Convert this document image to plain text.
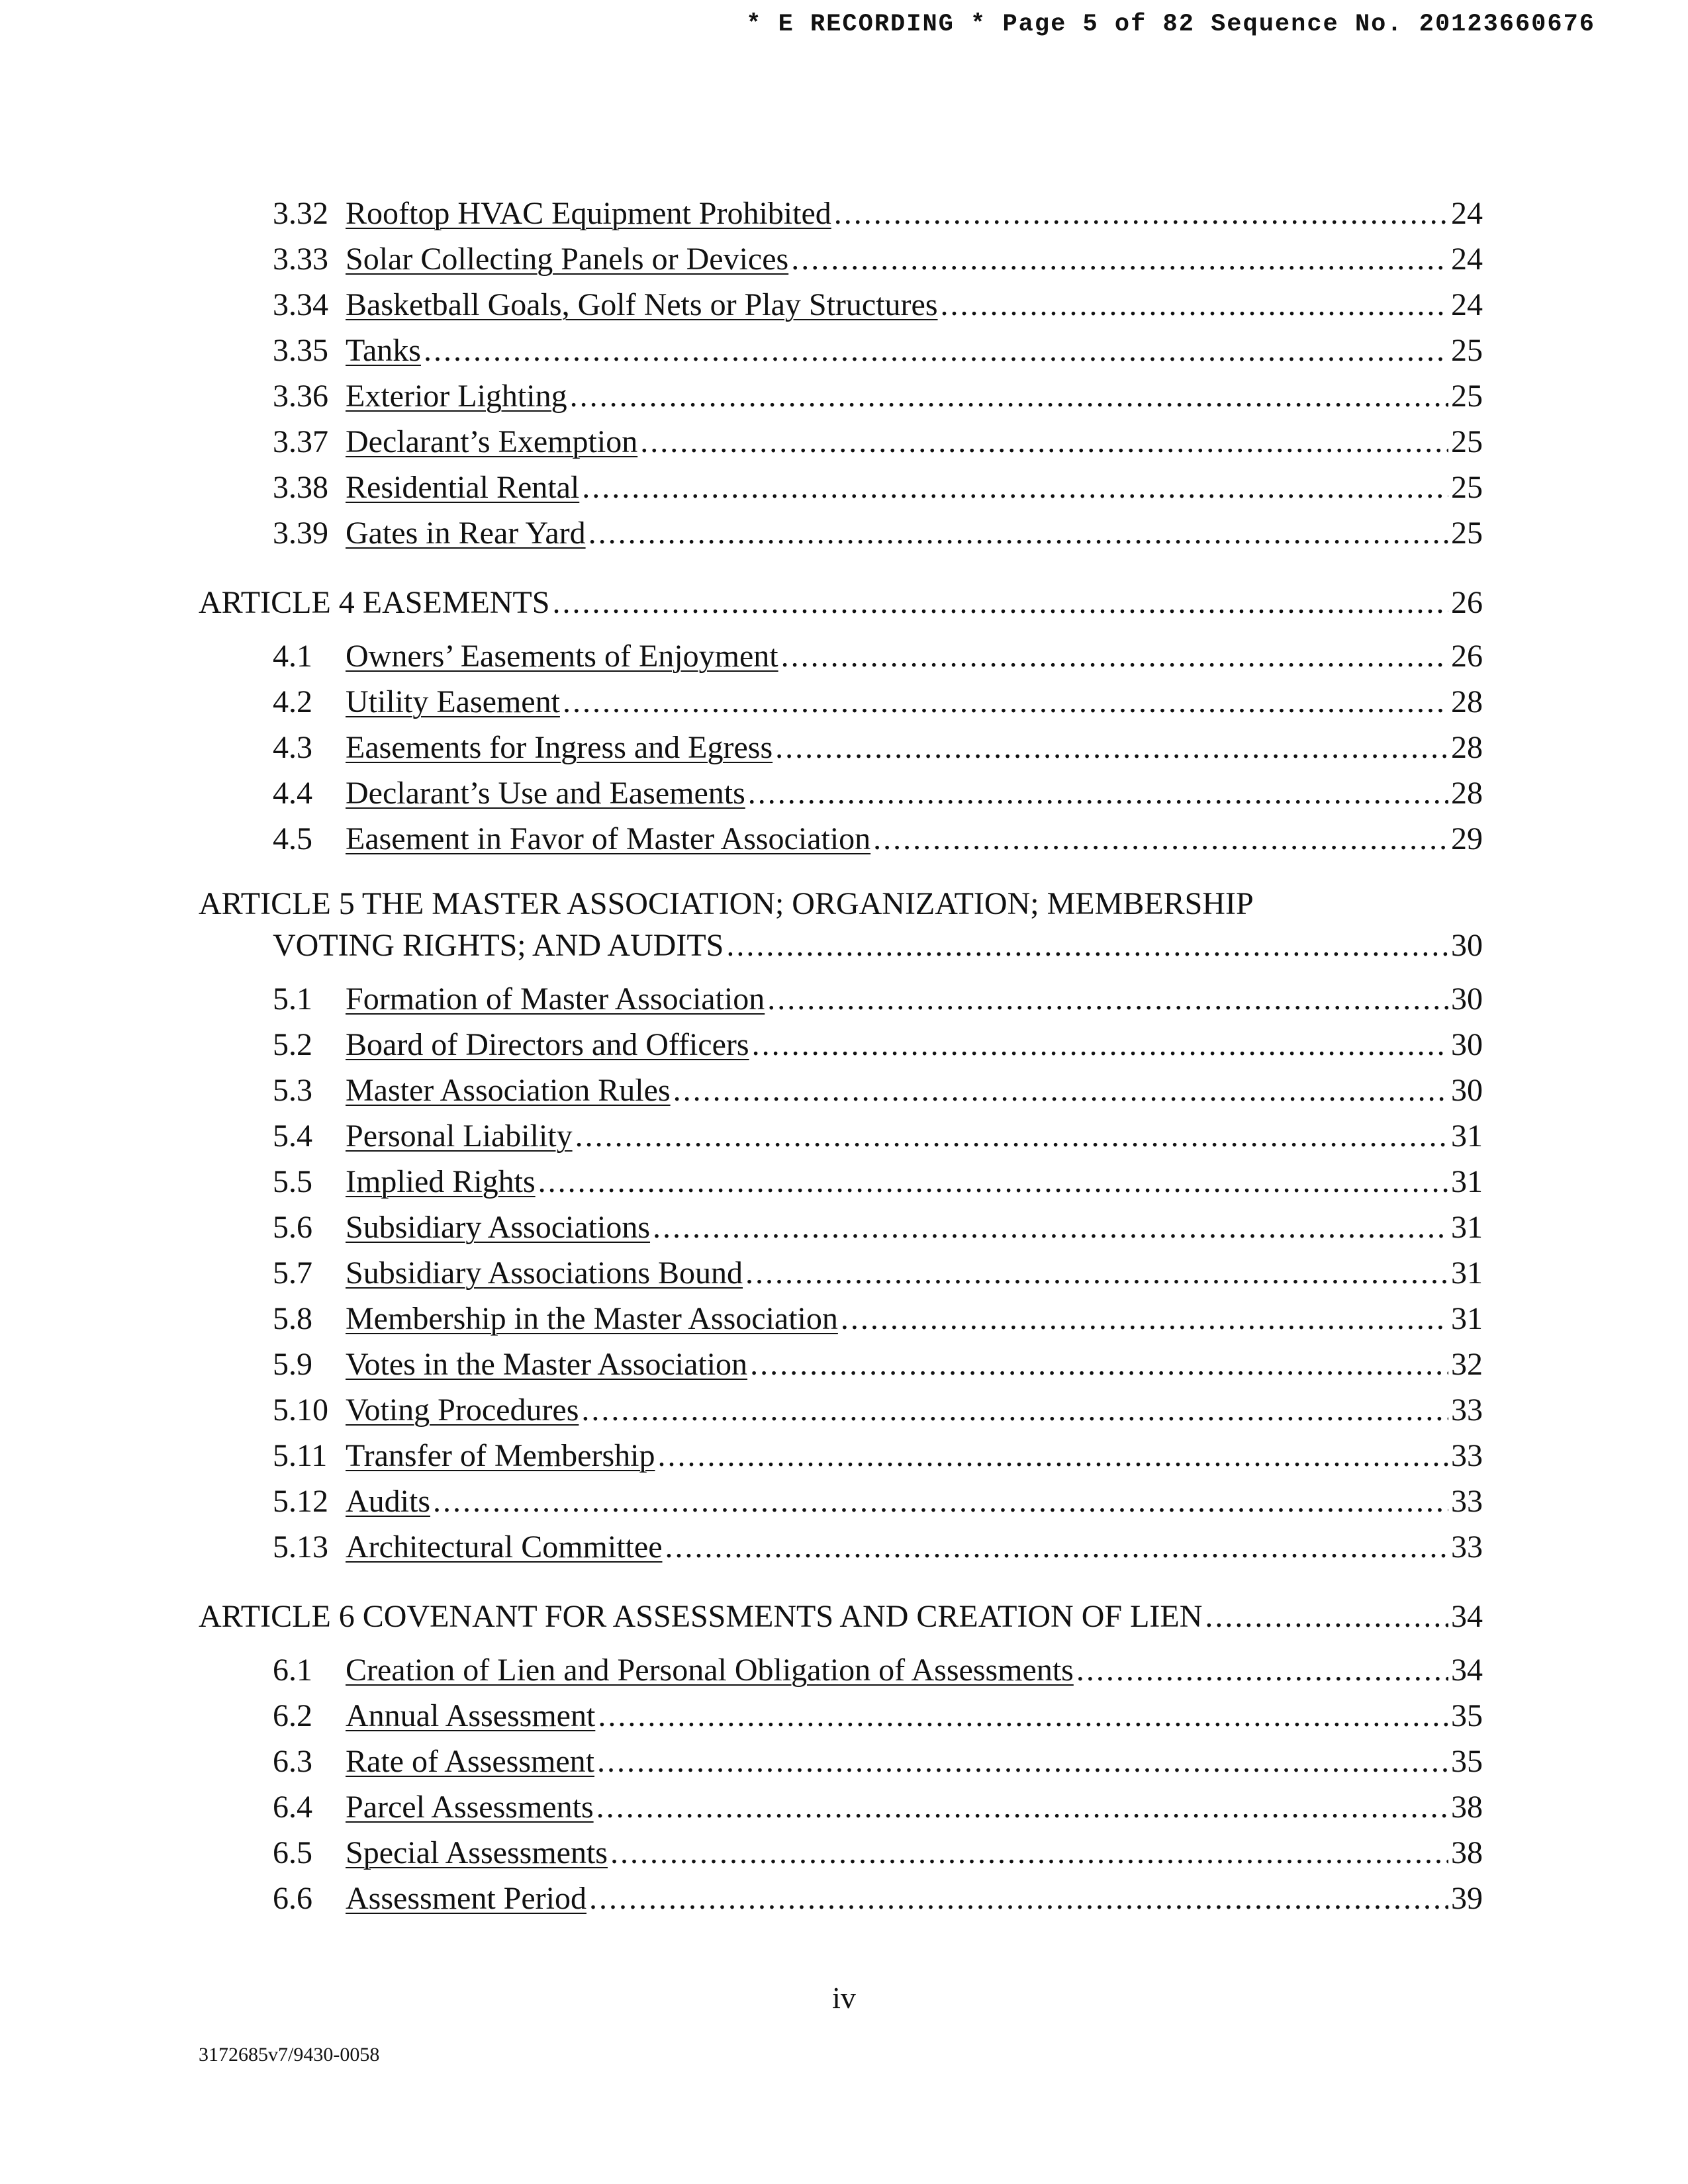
* E RECORDING * Page 5 of 82 Sequence No. 20123660676
3.32 Rooftop HVAC Equipment Prohibited .....	24
3.33 Solar Collecting Panels or Devices .....	24
3.34 Basketball Goals, Golf Nets or Play Structures .....	24
3.35 Tanks .....	25
3.36 Exterior Lighting .....	25
3.37 Declarant’s Exemption .....	25
3.38 Residential Rental .....	25
3.39 Gates in Rear Yard .....	25
ARTICLE 4 EASEMENTS .....	26
4.1	Owners’ Easements of Enjoyment .....	26
4.2	Utility Easement .....	28
4.3	Easements for Ingress and Egress .....	28
4.4	Declarant’s Use and Easements .....	28
4.5	Easement in Favor of Master Association .....	29
ARTICLE 5 THE MASTER ASSOCIATION; ORGANIZATION; MEMBERSHIP
VOTING RIGHTS; AND AUDITS .....	30
5.1	Formation of Master Association .....	30
5.2	Board of Directors and Officers .....	30
5.3	Master Association Rules .....	30
5.4	Personal Liability .....	31
5.5	Implied Rights .....	31
5.6	Subsidiary Associations .....	31
5.7	Subsidiary Associations Bound .....	31
5.8	Membership in the Master Association .....	31
5.9	Votes in the Master Association .....	32
5.10 Voting Procedures .....	33
5.11 Transfer of Membership .....	33
5.12 Audits .....	33
5.13 Architectural Committee .....	33
ARTICLE 6 COVENANT FOR ASSESSMENTS AND CREATION OF LIEN .....	34
6.1	Creation of Lien and Personal Obligation of Assessments .....	34
6.2	Annual Assessment .....	35
6.3	Rate of Assessment .....	35
6.4	Parcel Assessments .....	38
6.5	Special Assessments .....	38
6.6	Assessment Period .....	39
iv
3172685v7/9430-0058
